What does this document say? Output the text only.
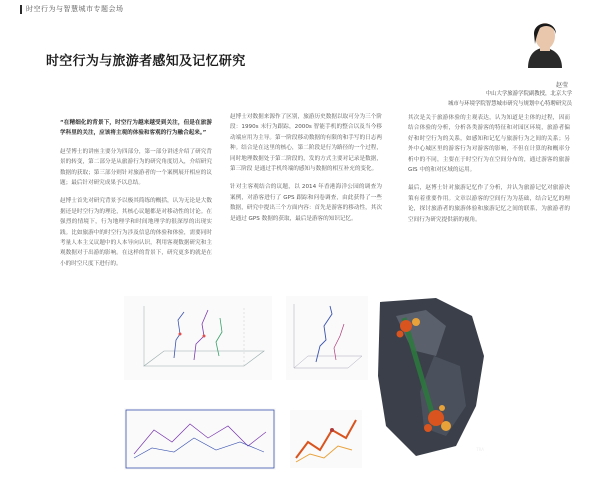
时空行为与智慧城市专题会场
时空行为与旅游者感知及记忆研究
赵莹
中山大学旅游学院副教授，北京大学
城市与环境学院智慧城市研究与规划中心特聘研究员

“在精细化的背景下，时空行为越来越受到关注，但是在旅游学科里的关注，应该将主观的体验和客观的行为融合起来。”

赵莹博士的讲座主要分为四部分，第一部分讲述介绍了研究背景的转变，第二部分是从旅游行为的研究角度切入，介绍研究数据的获取；第三部分则针对旅游者的一个案例展开相应的议题；最后针对研究成果予以总结。

赵博士首先对研究背景予以极其简练的概括，认为无论是大数据还是时空行为的理论，其核心议题都是对移动性的讨论。在强烈的情境下，行为地理学和时间地理学的很深厚的出现实践。比如旅游中的时空行为涉及信息的体验和体验，需要同时考量人本主义议题中的人本导向认识，利用客观数据研究和主观数据对于出游的影响。在这样的背景下，研究更多的就是在小的时空尺度下进行的。

赵博士对数据来源作了区别，旅游历史数据以取可分为三个阶段：1990s 末行为跟踪，2000s 智能手机的整合以及当今移动端应用为主导。第一阶段移动数据的有限的和手写的日志两种。结合是在这里的核心，第二阶段是行为路径的一个过程，同时地理数据处于第二阶段的，发的方式主要对记录是数据，第三阶段 是通过手机终端的感知与数据的相互补充的变化。

针对主客观结合的议题，以 2014 年香港海洋公园的调查为案例，对游客进行了 GPS 跟踪和问卷调查，由此获得了一些数据，研究中提出三个方面内容：首先是游客的移动性，其次是通过 GPS 数据的获取，最后是游客的知识记忆。

其次是关于旅游体验的主观表达，认为知道是主体的过程，因而结合体验的分析，分析各类游客的特征和对园区环境，旅游者偏好和时空行为的关系，如感知和记忆与旅游行为之间的关系；另外中心城区里的游客行为对游客的影响，不但在计算的和概率分析中的不同，主要在于时空行为在空间分布的，通过游客的旅游 GIS 中的和对区域的运用。

最后，赵博士针对旅游记忆作了分析，并认为旅游记忆对旅游决策有着重要作用。文章以游客的空间行为为基础，结合记忆的理论，探讨旅游者的旅游体验和旅游记忆之间的联系，为旅游者的空间行为研究提供新的视角。

TRA
